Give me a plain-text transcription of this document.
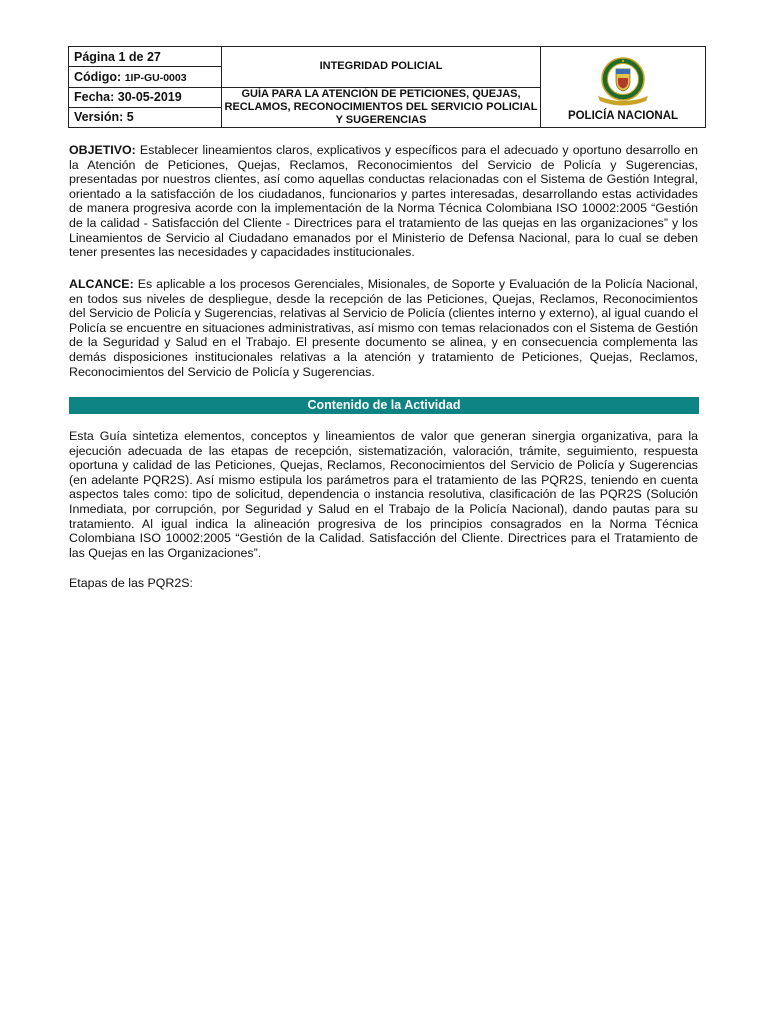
Página 1 de 27	INTEGRIDAD POLICIAL	POLICÍA NACIONAL

Código: 1IP-GU-0003		
Fecha: 30-05-2019	GUÍA PARA LA ATENCIÓN DE PETICIONES, QUEJAS, RECLAMOS, RECONOCIMIENTOS DEL SERVICIO POLICIAL Y SUGERENCIAS	
Versión: 5		

OBJETIVO: Establecer lineamientos claros, explicativos y específicos para el adecuado y oportuno desarrollo en la Atención de Peticiones, Quejas, Reclamos, Reconocimientos del Servicio de Policía y Sugerencias, presentadas por nuestros clientes, así como aquellas conductas relacionadas con el Sistema de Gestión Integral, orientado a la satisfacción de los ciudadanos, funcionarios y partes interesadas, desarrollando estas actividades de manera progresiva acorde con la implementación de la Norma Técnica Colombiana ISO 10002:2005 “Gestión de la calidad - Satisfacción del Cliente - Directrices para el tratamiento de las quejas en las organizaciones” y los Lineamientos de Servicio al Ciudadano emanados por el Ministerio de Defensa Nacional, para lo cual se deben tener presentes las necesidades y capacidades institucionales.

ALCANCE: Es aplicable a los procesos Gerenciales, Misionales, de Soporte y Evaluación de la Policía Nacional, en todos sus niveles de despliegue, desde la recepción de las Peticiones, Quejas, Reclamos, Reconocimientos del Servicio de Policía y Sugerencias, relativas al Servicio de Policía (clientes interno y externo), al igual cuando el Policía se encuentre en situaciones administrativas, así mismo con temas relacionados con el Sistema de Gestión de la Seguridad y Salud en el Trabajo. El presente documento se alinea, y en consecuencia complementa las demás disposiciones institucionales relativas a la atención y tratamiento de Peticiones, Quejas, Reclamos, Reconocimientos del Servicio de Policía y Sugerencias.

Contenido de la Actividad

Esta Guía sintetiza elementos, conceptos y lineamientos de valor que generan sinergia organizativa, para la ejecución adecuada de las etapas de recepción, sistematización, valoración, trámite, seguimiento, respuesta oportuna y calidad de las Peticiones, Quejas, Reclamos, Reconocimientos del Servicio de Policía y Sugerencias (en adelante PQR2S). Así mismo estipula los parámetros para el tratamiento de las PQR2S, teniendo en cuenta aspectos tales como: tipo de solicitud, dependencia o instancia resolutiva, clasificación de las PQR2S (Solución Inmediata, por corrupción, por Seguridad y Salud en el Trabajo de la Policía Nacional), dando pautas para su tratamiento. Al igual indica la alineación progresiva de los principios consagrados en la Norma Técnica Colombiana ISO 10002:2005 “Gestión de la Calidad. Satisfacción del Cliente. Directrices para el Tratamiento de las Quejas en las Organizaciones”.

Etapas de las PQR2S:
